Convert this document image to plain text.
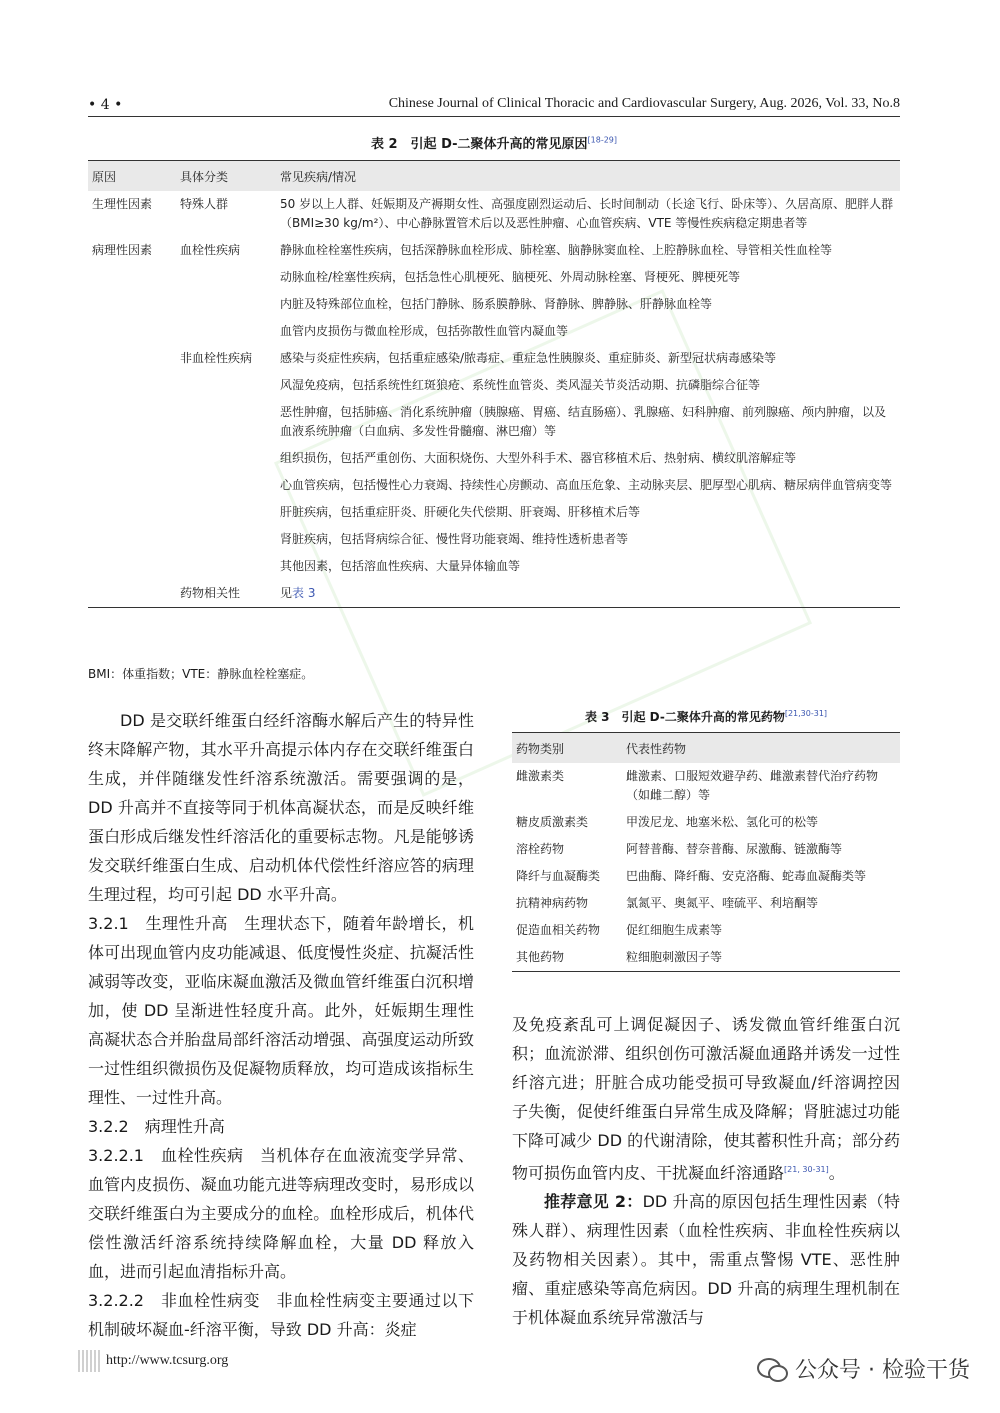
• 4 •	Chinese Journal of Clinical Thoracic and Cardiovascular Surgery, Aug. 2026, Vol. 33, No.8
表 2　引起 D-二聚体升高的常见原因[18-29]
原因	具体分类	常见疾病/情况
生理性因素	特殊人群	50 岁以上人群、妊娠期及产褥期女性、高强度剧烈运动后、长时间制动（长途飞行、卧床等）、久居高原、肥胖人群（BMI≥30 kg/m²）、中心静脉置管术后以及恶性肿瘤、心血管疾病、VTE 等慢性疾病稳定期患者等
病理性因素	血栓性疾病	静脉血栓栓塞性疾病，包括深静脉血栓形成、肺栓塞、脑静脉窦血栓、上腔静脉血栓、导管相关性血栓等
		动脉血栓/栓塞性疾病，包括急性心肌梗死、脑梗死、外周动脉栓塞、肾梗死、脾梗死等
		内脏及特殊部位血栓，包括门静脉、肠系膜静脉、肾静脉、脾静脉、肝静脉血栓等
		血管内皮损伤与微血栓形成，包括弥散性血管内凝血等
	非血栓性疾病	感染与炎症性疾病，包括重症感染/脓毒症、重症急性胰腺炎、重症肺炎、新型冠状病毒感染等
		风湿免疫病，包括系统性红斑狼疮、系统性血管炎、类风湿关节炎活动期、抗磷脂综合征等
		恶性肿瘤，包括肺癌、消化系统肿瘤（胰腺癌、胃癌、结直肠癌）、乳腺癌、妇科肿瘤、前列腺癌、颅内肿瘤，以及血液系统肿瘤（白血病、多发性骨髓瘤、淋巴瘤）等
		组织损伤，包括严重创伤、大面积烧伤、大型外科手术、器官移植术后、热射病、横纹肌溶解症等
		心血管疾病，包括慢性心力衰竭、持续性心房颤动、高血压危象、主动脉夹层、肥厚型心肌病、糖尿病伴血管病变等
		肝脏疾病，包括重症肝炎、肝硬化失代偿期、肝衰竭、肝移植术后等
		肾脏疾病，包括肾病综合征、慢性肾功能衰竭、维持性透析患者等
		其他因素，包括溶血性疾病、大量异体输血等
	药物相关性	见表 3
BMI：体重指数；VTE：静脉血栓栓塞症。
表 3　引起 D-二聚体升高的常见药物[21,30-31]
药物类别	代表性药物
雌激素类	雌激素、口服短效避孕药、雌激素替代治疗药物（如雌二醇）等
糖皮质激素类	甲泼尼龙、地塞米松、氢化可的松等
溶栓药物	阿替普酶、替奈普酶、尿激酶、链激酶等
降纤与血凝酶类	巴曲酶、降纤酶、安克洛酶、蛇毒血凝酶类等
抗精神病药物	氯氮平、奥氮平、喹硫平、利培酮等
促造血相关药物	促红细胞生成素等
其他药物	粒细胞刺激因子等

DD 是交联纤维蛋白经纤溶酶水解后产生的特异性终末降解产物，其水平升高提示体内存在交联纤维蛋白生成，并伴随继发性纤溶系统激活。需要强调的是，DD 升高并不直接等同于机体高凝状态，而是反映纤维蛋白形成后继发性纤溶活化的重要标志物。凡是能够诱发交联纤维蛋白生成、启动机体代偿性纤溶应答的病理生理过程，均可引起 DD 水平升高。

3.2.1　生理性升高　 生理状态下，随着年龄增长，机体可出现血管内皮功能减退、低度慢性炎症、抗凝活性减弱等改变，亚临床凝血激活及微血管纤维蛋白沉积增加，使 DD 呈渐进性轻度升高。此外，妊娠期生理性高凝状态合并胎盘局部纤溶活动增强、高强度运动所致一过性组织微损伤及促凝物质释放，均可造成该指标生理性、一过性升高。

3.2.2　病理性升高

3.2.2.1　血栓性疾病　 当机体存在血液流变学异常、血管内皮损伤、凝血功能亢进等病理改变时，易形成以交联纤维蛋白为主要成分的血栓。血栓形成后，机体代偿性激活纤溶系统持续降解血栓，大量 DD 释放入血，进而引起血清指标升高。

3.2.2.2　非血栓性病变　 非血栓性病变主要通过以下机制破坏凝血-纤溶平衡，导致 DD 升高：炎症

及免疫紊乱可上调促凝因子、诱发微血管纤维蛋白沉积；血流淤滞、组织创伤可激活凝血通路并诱发一过性纤溶亢进；肝脏合成功能受损可导致凝血/纤溶调控因子失衡，促使纤维蛋白异常生成及降解；肾脏滤过功能下降可减少 DD 的代谢清除，使其蓄积性升高；部分药物可损伤血管内皮、干扰凝血纤溶通路[21, 30-31]。

推荐意见 2：DD 升高的原因包括生理性因素（特殊人群）、病理性因素（血栓性疾病、非血栓性疾病以及药物相关因素）。其中，需重点警惕 VTE、恶性肿瘤、重症感染等高危病因。DD 升高的病理生理机制在于机体凝血系统异常激活与

http://www.tcsurg.org	公众号 · 检验干货
